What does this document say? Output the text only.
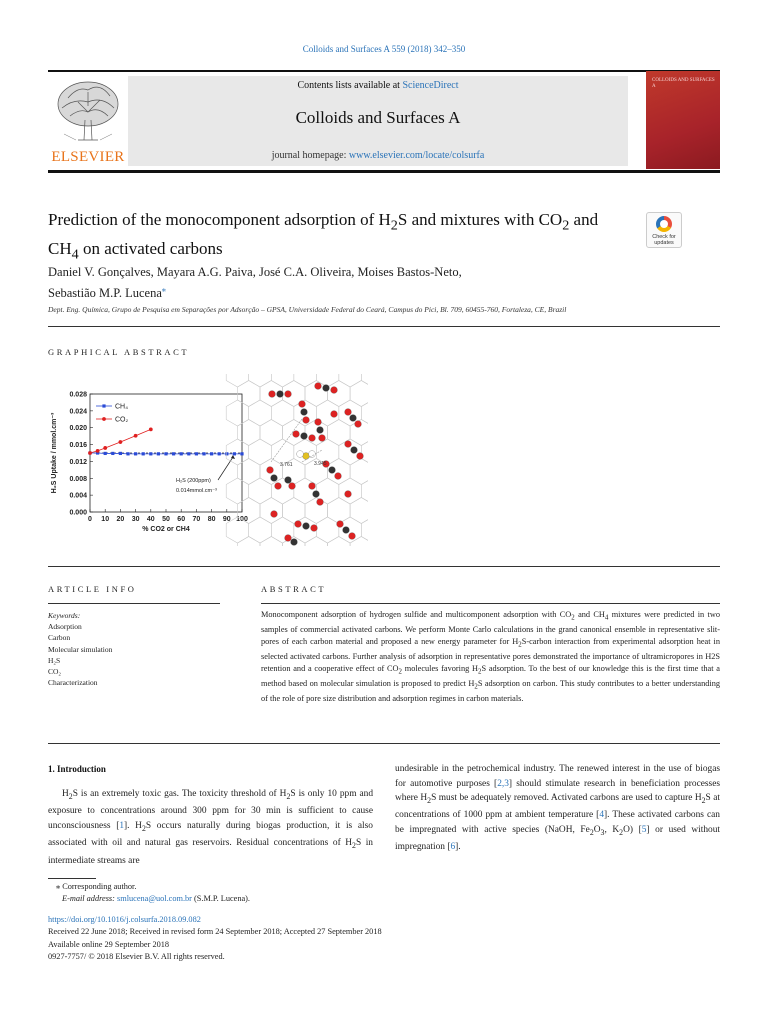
Colloids and Surfaces A 559 (2018) 342–350
ELSEVIER
Contents lists available at ScienceDirect
Colloids and Surfaces A
journal homepage: www.elsevier.com/locate/colsurfa
COLLOIDS AND SURFACES A
Prediction of the monocomponent adsorption of $H_2S$ and mixtures with $CO_2$ and $CH_4$ on activated carbons
Check for updates
Daniel V. Gonçalves, Mayara A.G. Paiva, José C.A. Oliveira, Moises Bastos-Neto,
Sebastião M.P. Lucena⁎
Dept. Eng. Química, Grupo de Pesquisa em Separações por Adsorção – GPSA, Universidade Federal do Ceará, Campus do Pici, Bl. 709, 60455-760, Fortaleza, CE, Brazil
GRAPHICAL ABSTRACT
0.000
0.004
0.008
0.012
0.016
0.020
0.024
0.028
0 10 20 30 40 50 60 70 80 90 100
% CO2 or CH4
H₂S Uptake / mmol.cm⁻³	H₂S (200ppm)
0.014mmol.cm⁻³
CH₄
CO₂
3.761	3.945
ARTICLE INFO	ABSTRACT
Keywords:
Adsorption
Carbon
Molecular simulation
H₂S
CO₂
Characterization
Monocomponent adsorption of hydrogen sulfide and multicomponent adsorption with $CO_2$ and $CH_4$ mixtures were predicted in two samples of commercial activated carbons. We perform Monte Carlo calculations in the grand canonical ensemble in representative slit-pores of each carbon material and proposed a new energy parameter for $H_2S$-carbon interaction from experimental adsorption heat in selected activated carbons. Further analysis of adsorption in representative pores demonstrated the importance of ultramicropores in H2S retention and a cooperative effect of $CO_2$ molecules favoring $H_2S$ adsorption. To the best of our knowledge this is the first time that a method based on molecular simulation is proposed to predict $H_2S$ adsorption on carbon. This study contributes to a better understanding of the role of pore size distribution and adsorption regimes in carbon materials.
1. Introduction
$H_2S$ is an extremely toxic gas. The toxicity threshold of $H_2S$ is only 10 ppm and exposure to concentrations around 300 ppm for 30 min is sufficient to cause unconsciousness [1]. $H_2S$ occurs naturally during biogas production, it is also associated with oil and natural gas reservoirs. Residual concentrations of $H_2S$ in intermediate streams are
undesirable in the petrochemical industry. The renewed interest in the use of biogas for automotive purposes [2,3] should stimulate research in beneficiation processes where $H_2S$ must be adequately removed. Activated carbons are used to capture $H_2S$ at concentrations of 1000 ppm at ambient temperature [4]. These activated carbons can be impregnated with active species (NaOH, $Fe_2O_3$, $K_2O$) [5] or used without impregnation [6].
⁎ Corresponding author.
E-mail address: smlucena@uol.com.br (S.M.P. Lucena).
https://doi.org/10.1016/j.colsurfa.2018.09.082
Received 22 June 2018; Received in revised form 24 September 2018; Accepted 27 September 2018
Available online 29 September 2018
0927-7757/ © 2018 Elsevier B.V. All rights reserved.
